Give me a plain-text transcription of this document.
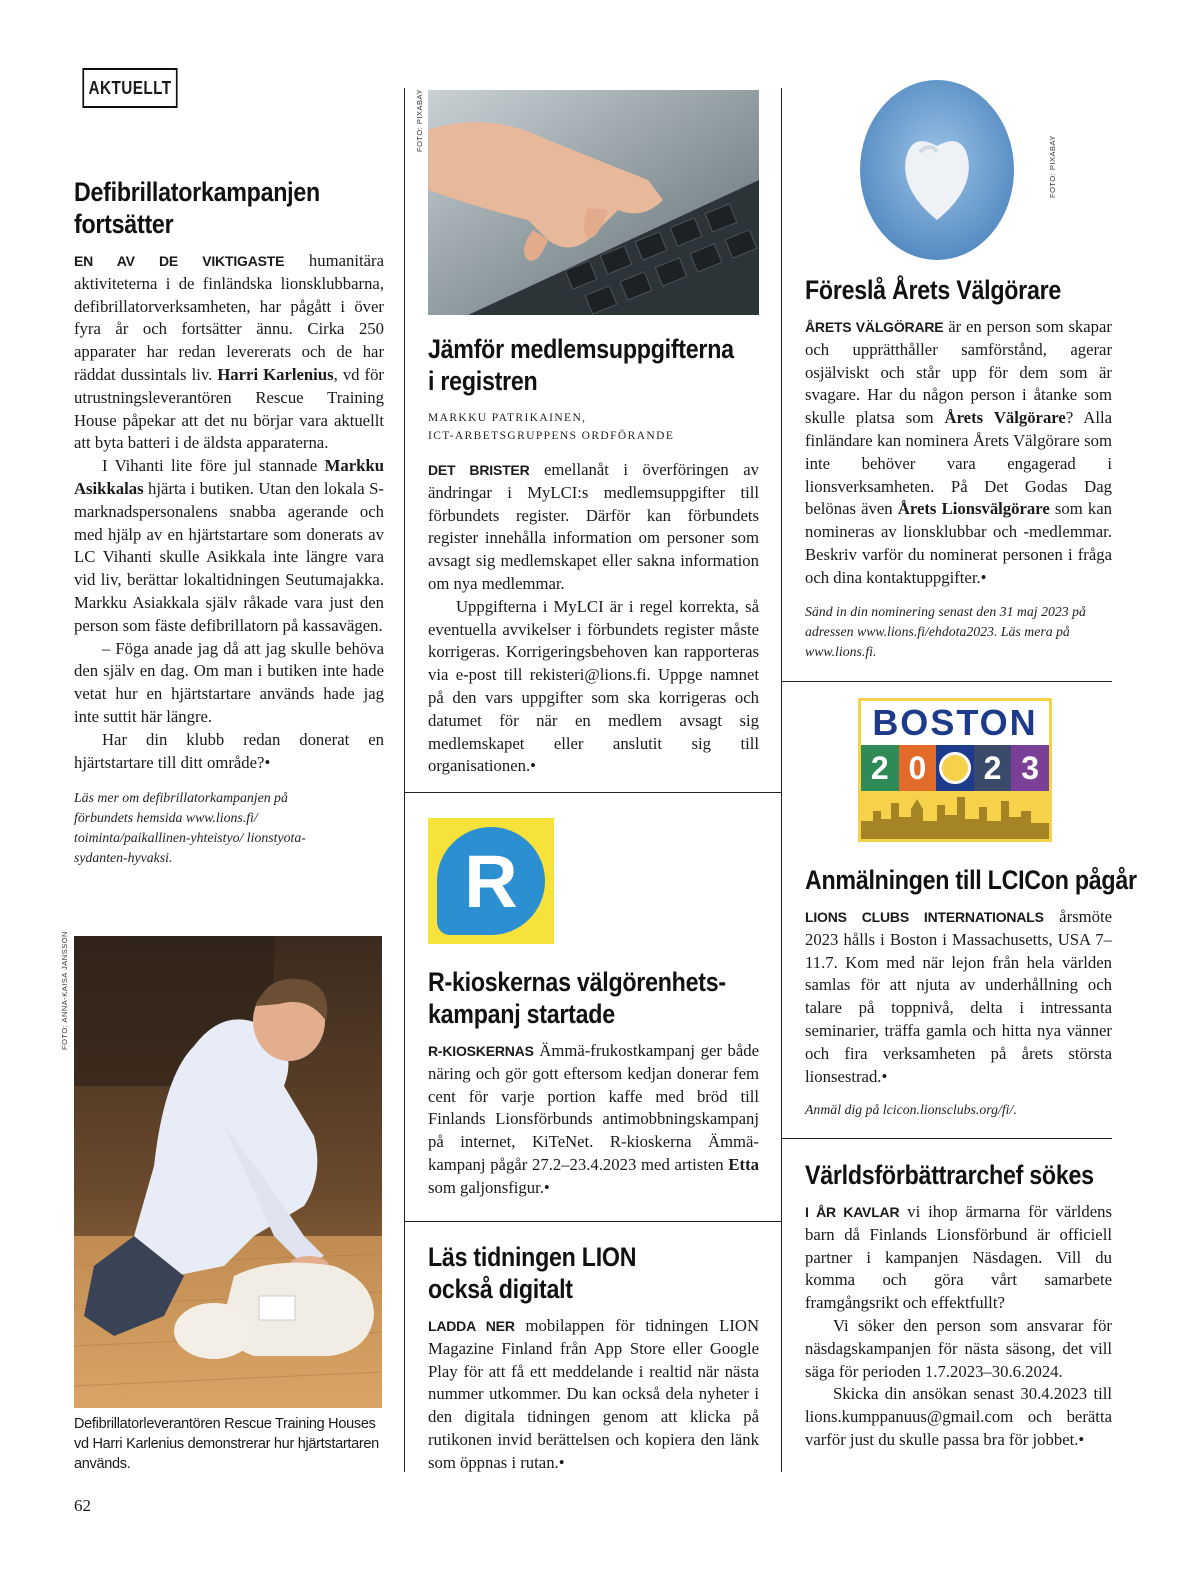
AKTUELLT
Defibrillatorkampanjen
fortsätter

EN AV DE VIKTIGASTE humanitära aktiviteterna i de finländska lionsklubbarna, defibrillatorverksamheten, har pågått i över fyra år och fortsätter ännu. Cirka 250 apparater har redan levererats och de har räddat dussintals liv. Harri Karlenius, vd för utrustningsleverantören Rescue Training House påpekar att det nu börjar vara aktuellt att byta batteri i de äldsta apparaterna.

I Vihanti lite före jul stannade Markku Asikkalas hjärta i butiken. Utan den lokala S-marknadspersonalens snabba agerande och med hjälp av en hjärtstartare som donerats av LC Vihanti skulle Asikkala inte längre vara vid liv, berättar lokaltidningen Seutumajakka. Markku Asiakkala själv råkade vara just den person som fäste defibrillatorn på kassavägen.

– Föga anade jag då att jag skulle behöva den själv en dag. Om man i butiken inte hade vetat hur en hjärtstartare används hade jag inte suttit här längre.

Har din klubb redan donerat en hjärtstartare till ditt område?•

Läs mer om defibrillatorkampanjen på förbundets hemsida www.lions.fi/ toiminta/paikallinen-yhteistyo/ lionstyota-sydanten-hyvaksi.

FOTO: ANNA-KAISA JANSSON

Defibrillatorleverantören Rescue Training Houses vd Harri Karlenius demonstrerar hur hjärtstartaren används.

62
FOTO: PIXABAY
Jämför medlemsuppgifterna
i registren

MARKKU PATRIKAINEN,

ICT-ARBETSGRUPPENS ORDFÖRANDE

DET BRISTER emellanåt i överföringen av ändringar i MyLCI:s medlemsuppgifter till förbundets register. Därför kan förbundets register innehålla information om personer som avsagt sig medlemskapet eller sakna information om nya medlemmar.

Uppgifterna i MyLCI är i regel korrekta, så eventuella avvikelser i förbundets register måste korrigeras. Korrigeringsbehoven kan rapporteras via e-post till rekisteri@lions.fi. Uppge namnet på den vars uppgifter som ska korrigeras och datumet för när en medlem avsagt sig medlemskapet eller anslutit sig till organisationen.•

R
R-kioskernas välgörenhets-
kampanj startade

R-KIOSKERNAS Ämmä-frukostkampanj ger både näring och gör gott eftersom kedjan donerar fem cent för varje portion kaffe med bröd till Finlands Lionsförbunds antimobbningskampanj på internet, KiTeNet. R-kioskerna Ämmä-kampanj pågår 27.2–23.4.2023 med artisten Etta som galjonsfigur.•

Läs tidningen LION
också digitalt

LADDA NER mobilappen för tidningen LION Magazine Finland från App Store eller Google Play för att få ett meddelande i realtid när nästa nummer utkommer. Du kan också dela nyheter i den digitala tidningen genom att klicka på rutikonen invid berättelsen och kopiera den länk som öppnas i rutan.•

FOTO: PIXABAY
Föreslå Årets Välgörare

ÅRETS VÄLGÖRARE är en person som skapar och upprätthåller samförstånd, agerar osjälviskt och står upp för dem som är svagare. Har du någon person i åtanke som skulle platsa som Årets Välgörare? Alla finländare kan nominera Årets Välgörare som inte behöver vara engagerad i lionsverksamheten. På Det Godas Dag belönas även Årets Lionsvälgörare som kan nomineras av lionsklubbar och -medlemmar. Beskriv varför du nominerat personen i fråga och dina kontaktuppgifter.•

Sänd in din nominering senast den 31 maj 2023 på adressen www.lions.fi/ehdota2023. Läs mera på www.lions.fi.

BOSTON
2 0	2 3
Anmälningen till LCICon pågår

LIONS CLUBS INTERNATIONALS årsmöte 2023 hålls i Boston i Massachusetts, USA 7–11.7. Kom med när lejon från hela världen samlas för att njuta av underhållning och talare på toppnivå, delta i intressanta seminarier, träffa gamla och hitta nya vänner och fira verksamheten på årets största lionsestrad.•

Anmäl dig på lcicon.lionsclubs.org/fi/.

Världsförbättrarchef sökes

I ÅR KAVLAR vi ihop ärmarna för världens barn då Finlands Lionsförbund är officiell partner i kampanjen Näsdagen. Vill du komma och göra vårt samarbete framgångsrikt och effektfullt?

Vi söker den person som ansvarar för näsdagskampanjen för nästa säsong, det vill säga för perioden 1.7.2023–30.6.2024.

Skicka din ansökan senast 30.4.2023 till lions.kumppanuus@gmail.com och berätta varför just du skulle passa bra för jobbet.•
